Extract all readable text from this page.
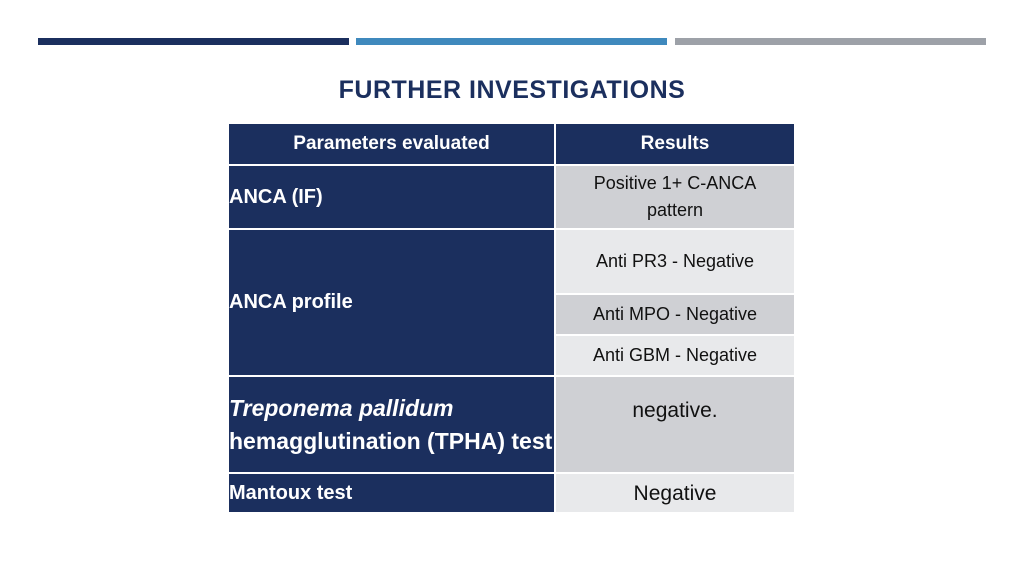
FURTHER INVESTIGATIONS
Parameters evaluated	Results
ANCA (IF)	Positive 1+ C-ANCA pattern

ANCA profile	Anti PR3 - Negative
	Anti MPO - Negative
	Anti GBM - Negative
Treponema pallidum hemagglutination (TPHA) test	negative.
Mantoux test	Negative
